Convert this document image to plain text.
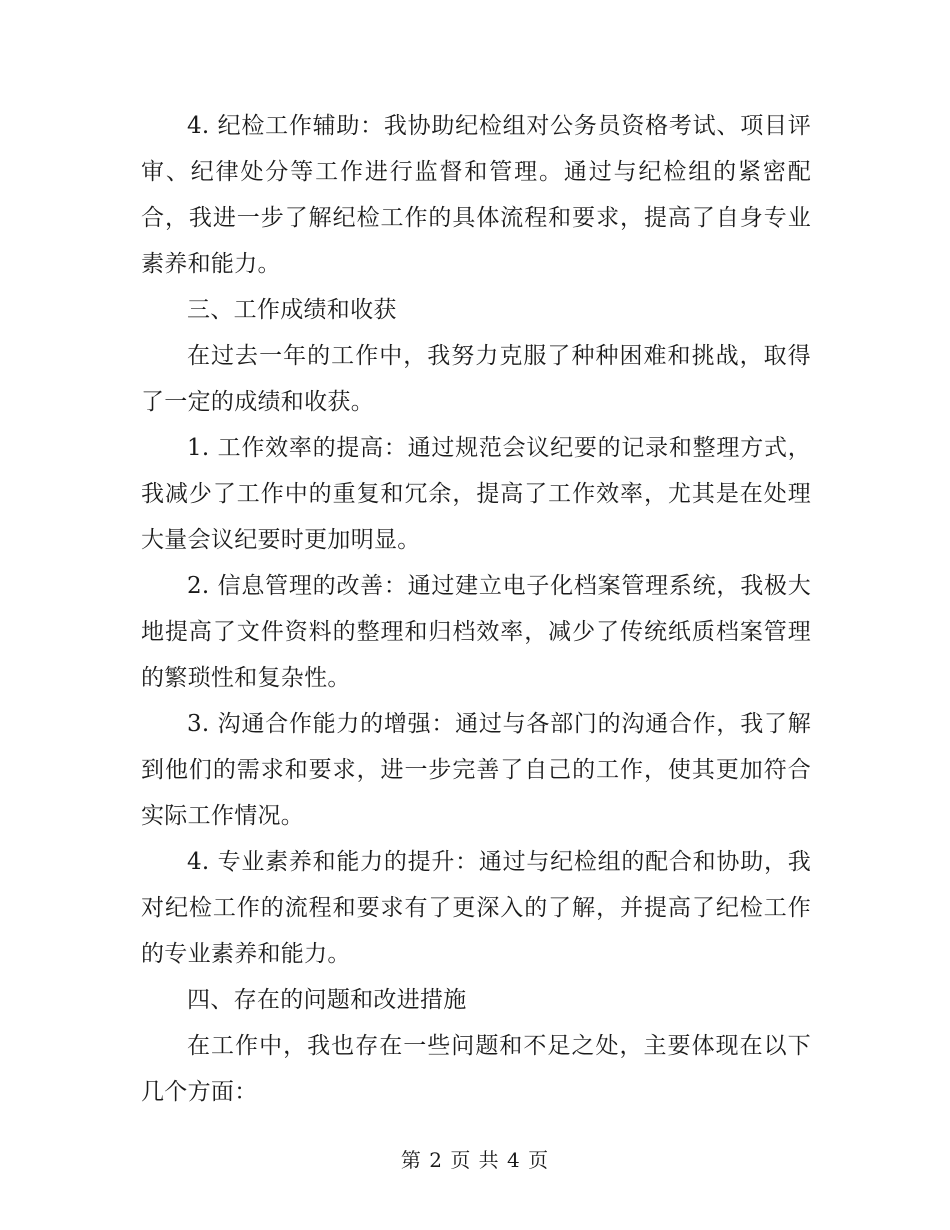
4. 纪检工作辅助：我协助纪检组对公务员资格考试、项目评审、纪律处分等工作进行监督和管理。通过与纪检组的紧密配合，我进一步了解纪检工作的具体流程和要求，提高了自身专业素养和能力。

三、工作成绩和收获

在过去一年的工作中，我努力克服了种种困难和挑战，取得了一定的成绩和收获。

1. 工作效率的提高：通过规范会议纪要的记录和整理方式，我减少了工作中的重复和冗余，提高了工作效率，尤其是在处理大量会议纪要时更加明显。

2. 信息管理的改善：通过建立电子化档案管理系统，我极大地提高了文件资料的整理和归档效率，减少了传统纸质档案管理的繁琐性和复杂性。

3. 沟通合作能力的增强：通过与各部门的沟通合作，我了解到他们的需求和要求，进一步完善了自己的工作，使其更加符合实际工作情况。

4. 专业素养和能力的提升：通过与纪检组的配合和协助，我对纪检工作的流程和要求有了更深入的了解，并提高了纪检工作的专业素养和能力。

四、存在的问题和改进措施

在工作中，我也存在一些问题和不足之处，主要体现在以下几个方面：

第 2 页 共 4 页
